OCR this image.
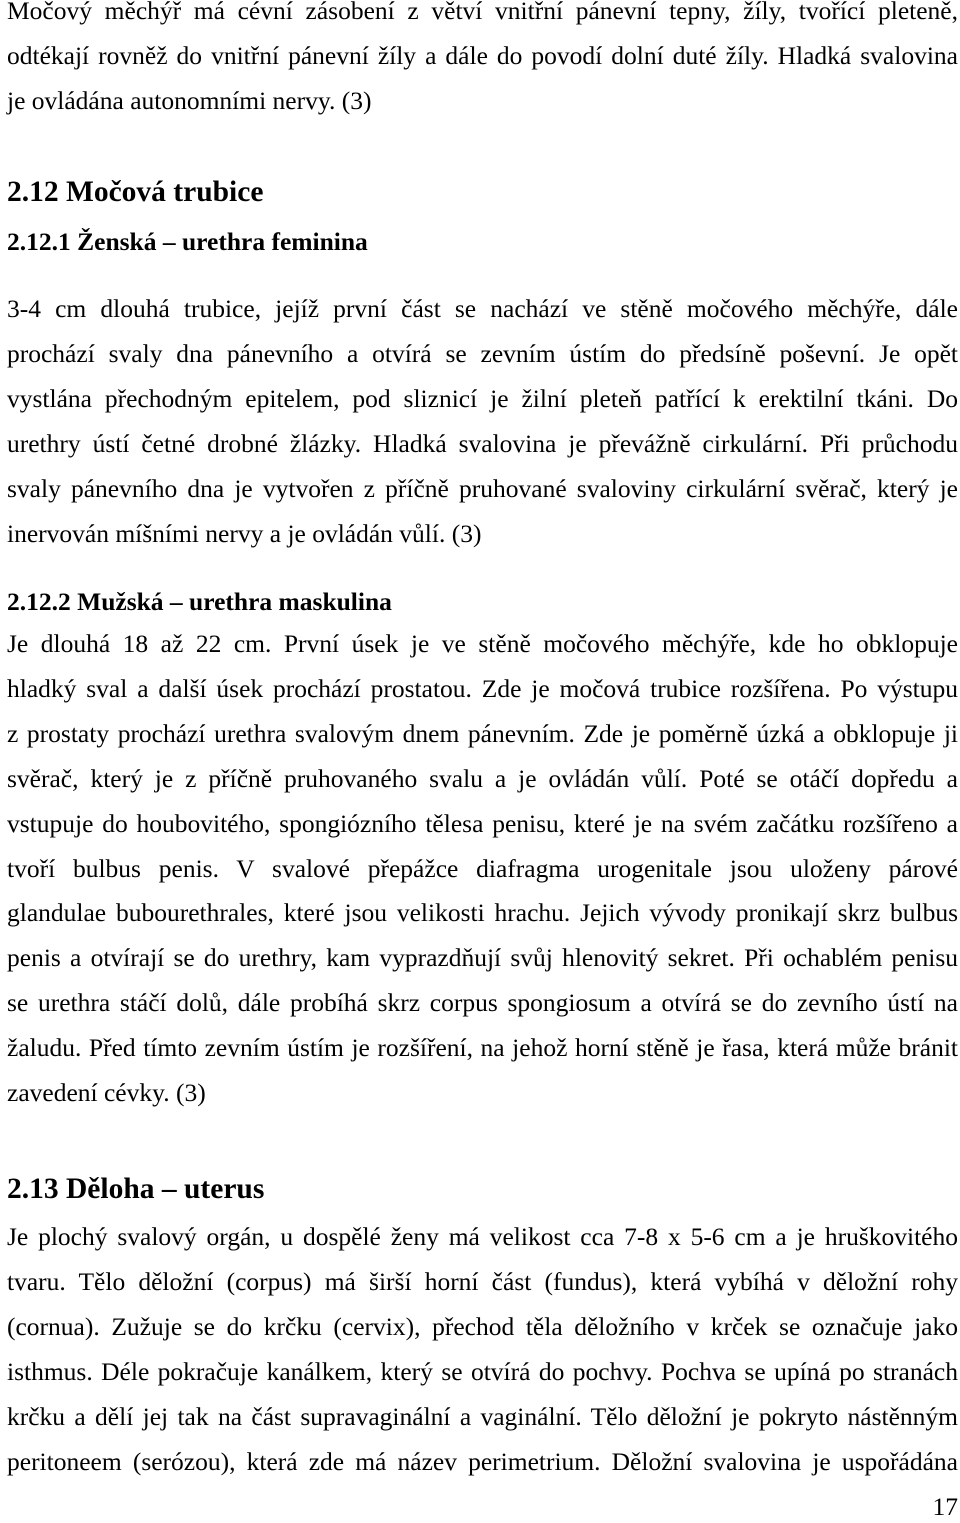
Močový měchýř má cévní zásobení z větví vnitřní pánevní tepny, žíly, tvořící pleteně,
odtékají rovněž do vnitřní pánevní žíly a dále do povodí dolní duté žíly. Hladká svalovina
je ovládána autonomními nervy. (3)
2.12 Močová trubice
2.12.1 Ženská – urethra feminina
3-4 cm dlouhá trubice, jejíž první část se nachází ve stěně močového měchýře, dále
prochází svaly dna pánevního a otvírá se zevním ústím do předsíně poševní. Je opět
vystlána přechodným epitelem, pod sliznicí je žilní pleteň patřící k erektilní tkáni. Do
urethry ústí četné drobné žlázky. Hladká svalovina je převážně cirkulární. Při průchodu
svaly pánevního dna je vytvořen z příčně pruhované svaloviny cirkulární svěrač, který je
inervován míšními nervy a je ovládán vůlí. (3)
2.12.2 Mužská – urethra maskulina
Je dlouhá 18 až 22 cm. První úsek je ve stěně močového měchýře, kde ho obklopuje
hladký sval a další úsek prochází prostatou. Zde je močová trubice rozšířena. Po výstupu
z prostaty prochází urethra svalovým dnem pánevním. Zde je poměrně úzká a obklopuje ji
svěrač, který je z příčně pruhovaného svalu a je ovládán vůlí. Poté se otáčí dopředu a
vstupuje do houbovitého, spongiózního tělesa penisu, které je na svém začátku rozšířeno a
tvoří bulbus penis. V svalové přepážce diafragma urogenitale jsou uloženy párové
glandulae bubourethrales, které jsou velikosti hrachu. Jejich vývody pronikají skrz bulbus
penis a otvírají se do urethry, kam vyprazdňují svůj hlenovitý sekret. Při ochablém penisu
se urethra stáčí dolů, dále probíhá skrz corpus spongiosum a otvírá se do zevního ústí na
žaludu. Před tímto zevním ústím je rozšíření, na jehož horní stěně je řasa, která může bránit
zavedení cévky. (3)
2.13 Děloha – uterus
Je plochý svalový orgán, u dospělé ženy má velikost cca 7-8 x 5-6 cm a je hruškovitého
tvaru. Tělo děložní (corpus) má širší horní část (fundus), která vybíhá v děložní rohy
(cornua). Zužuje se do krčku (cervix), přechod těla děložního v krček se označuje jako
isthmus. Déle pokračuje kanálkem, který se otvírá do pochvy. Pochva se upíná po stranách
krčku a dělí jej tak na část supravaginální a vaginální. Tělo děložní je pokryto nástěnným
peritoneem (serózou), která zde má název perimetrium. Děložní svalovina je uspořádána
17
